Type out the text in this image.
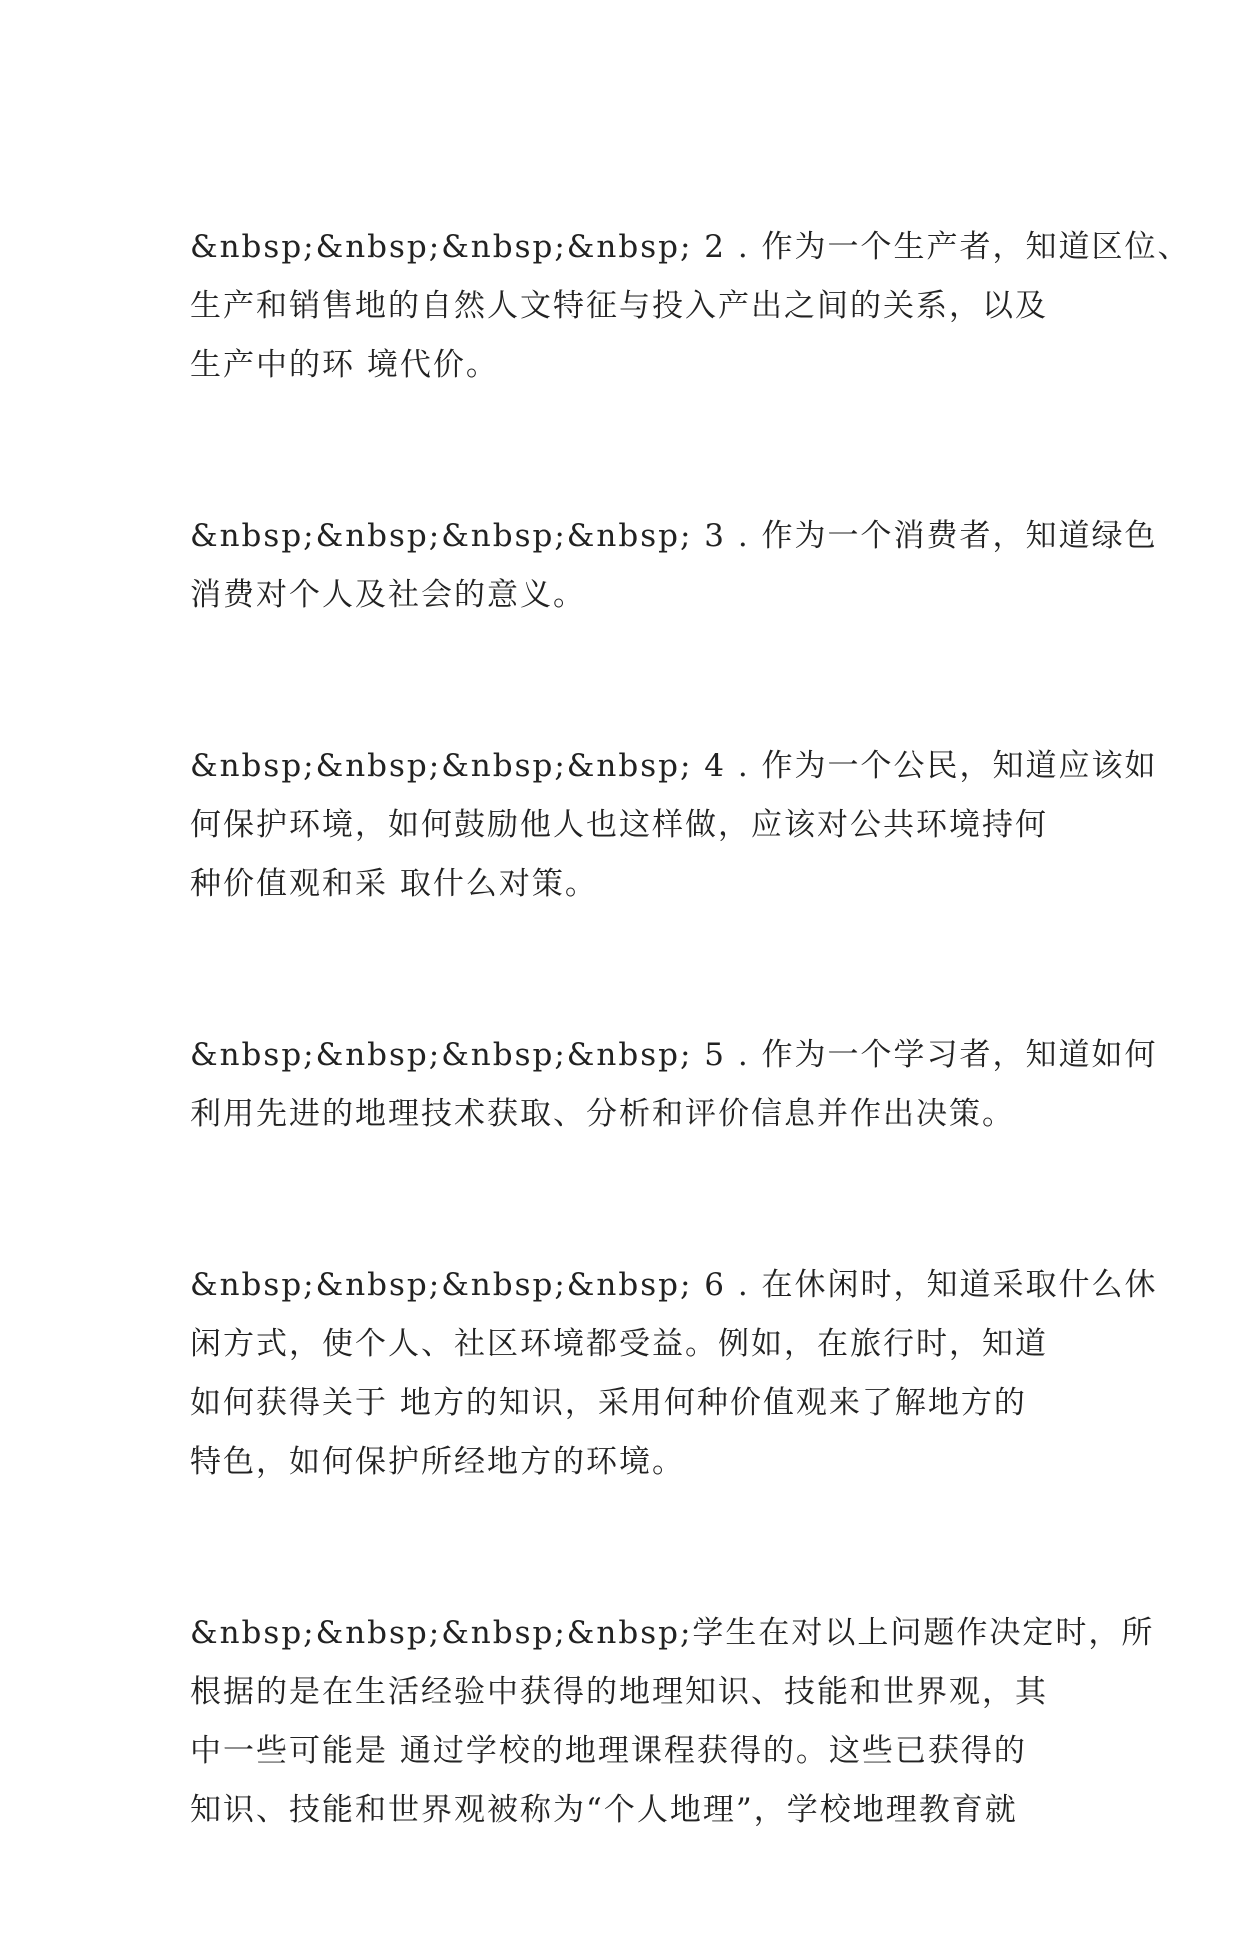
&nbsp;&nbsp;&nbsp;&nbsp; 2 . 作为一个生产者，知道区位、
生产和销售地的自然人文特征与投入产出之间的关系，以及
生产中的环 境代价。

&nbsp;&nbsp;&nbsp;&nbsp; 3 . 作为一个消费者，知道绿色
消费对个人及社会的意义。

&nbsp;&nbsp;&nbsp;&nbsp; 4 . 作为一个公民，知道应该如
何保护环境，如何鼓励他人也这样做，应该对公共环境持何
种价值观和采 取什么对策。

&nbsp;&nbsp;&nbsp;&nbsp; 5 . 作为一个学习者，知道如何
利用先进的地理技术获取、分析和评价信息并作出决策。

&nbsp;&nbsp;&nbsp;&nbsp; 6 . 在休闲时，知道采取什么休
闲方式，使个人、社区环境都受益。例如，在旅行时，知道
如何获得关于 地方的知识，采用何种价值观来了解地方的
特色，如何保护所经地方的环境。

&nbsp;&nbsp;&nbsp;&nbsp;学生在对以上问题作决定时，所
根据的是在生活经验中获得的地理知识、技能和世界观，其
中一些可能是 通过学校的地理课程获得的。这些已获得的
知识、技能和世界观被称为“个人地理”，学校地理教育就
